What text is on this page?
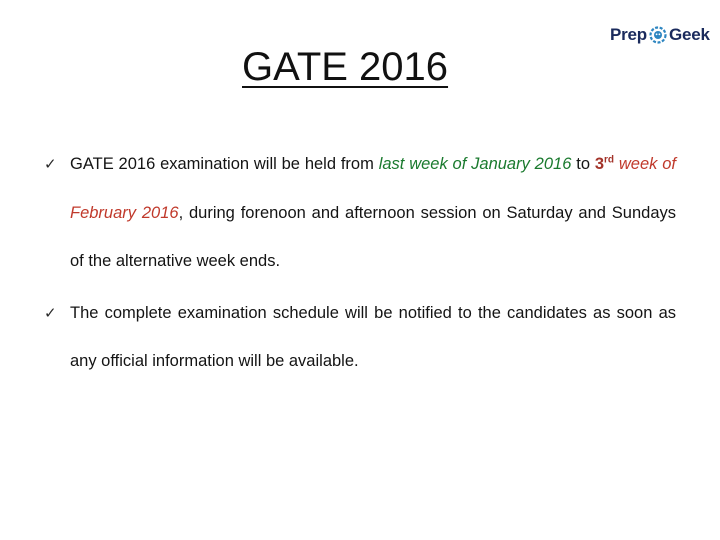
GATE 2016
Prep Geek
✓ GATE 2016 examination will be held from last week of January 2016 to 3rd week of February 2016, during forenoon and afternoon session on Saturday and Sundays of the alternative week ends.
✓ The complete examination schedule will be notified to the candidates as soon as any official information will be available.
